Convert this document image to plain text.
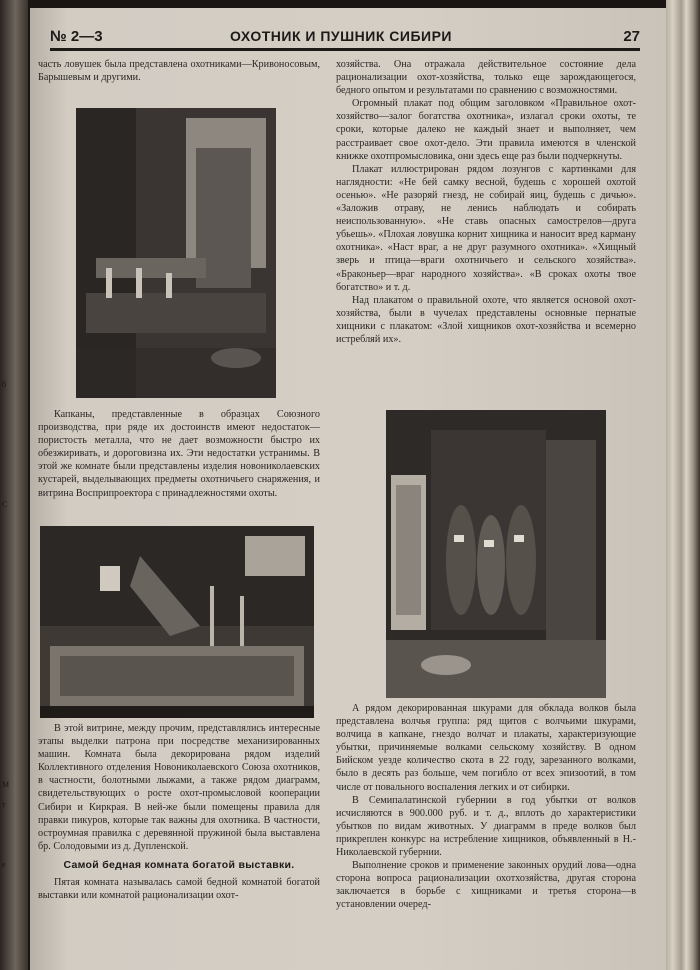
б
С
М
т
е
№ 2—3	ОХОТНИК И ПУШНИК СИБИРИ	27

часть ловушек была представлена охотниками—Кривоносовым, Барышевым и другими.

Капканы, представленные в образцах Союзного производства, при ряде их достоинств имеют недостаток—пористость металла, что не дает возможности быстро их обезжиривать, и дороговизна их. Эти недостатки устранимы. В этой же комнате были представлены изделия новониколаевских кустарей, выделывающих предметы охотничьего снаряжения, и витрина Восприпроектора с принадлежностями охоты.

В этой витрине, между прочим, представлялись интересные этапы выделки патрона при посредстве механизированных машин. Комната была декорирована рядом изделий Коллективного отделения Новониколаевского Союза охотников, в частности, болотными лыжами, а также рядом диаграмм, свидетельствующих о росте охот-промысловой кооперации Сибири и Киркрая. В ней-же были помещены правила для правки пикуров, которые так важны для охотника. В частности, остроумная правилка с деревянной пружиной была выставлена бр. Солодовыми из д. Дупленской.

Самой бедная комната богатой выставки.

Пятая комната называлась самой бедной комнатой богатой выставки или комнатой рационализации охот-

хозяйства. Она отражала действительное состояние дела рационализации охот-хозяйства, только еще зарождающегося, бедного опытом и результатами по сравнению с возможностями.

Огромный плакат под общим заголовком «Правильное охот-хозяйство—залог богатства охотника», излагал сроки охоты, те сроки, которые далеко не каждый знает и выполняет, чем расстраивает свое охот-дело. Эти правила имеются в членской книжке охотпромысловика, они здесь еще раз были подчеркнуты.

Плакат иллюстрирован рядом лозунгов с картинками для наглядности: «Не бей самку весной, будешь с хорошей охотой осенью». «Не разоряй гнезд, не собирай яиц, будешь с дичью». «Заложив отраву, не ленись наблюдать и собирать неиспользованную». «Не ставь опасных самострелов—друга убьешь». «Плохая ловушка корнит хищника и наносит вред карману охотника». «Наст враг, а не друг разумного охотника». «Хищный зверь и птица—враги охотничьего и сельского хозяйства». «Браконьер—враг народного хозяйства». «В сроках охоты твое богатство» и т. д.

Над плакатом о правильной охоте, что является основой охот-хозяйства, были в чучелах представлены основные пернатые хищники с плакатом: «Злой хищников охот-хозяйства и всемерно истребляй их».

А рядом декорированная шкурами для обклада волков была представлена волчья группа: ряд щитов с волчьими шкурами, волчица в капкане, гнездо волчат и плакаты, характеризующие убытки, причиняемые волками сельскому хозяйству. В одном Бийском уезде количество скота в 22 году, зарезанного волками, было в десять раз больше, чем погибло от всех эпизоотий, в том числе от повального воспаления легких и от сибирки.

В Семипалатинской губернии в год убытки от волков исчисляются в 900.000 руб. и т. д., вплоть до характеристики убытков по видам животных. У диаграмм в преде волков был прикреплен конкурс на истребление хищников, объявленный в Н.-Николаевской губернии.

Выполнение сроков и применение законных орудий лова—одна сторона вопроса рационализации охотхозяйства, другая сторона заключается в борьбе с хищниками и третья сторона—в установлении очеред-
